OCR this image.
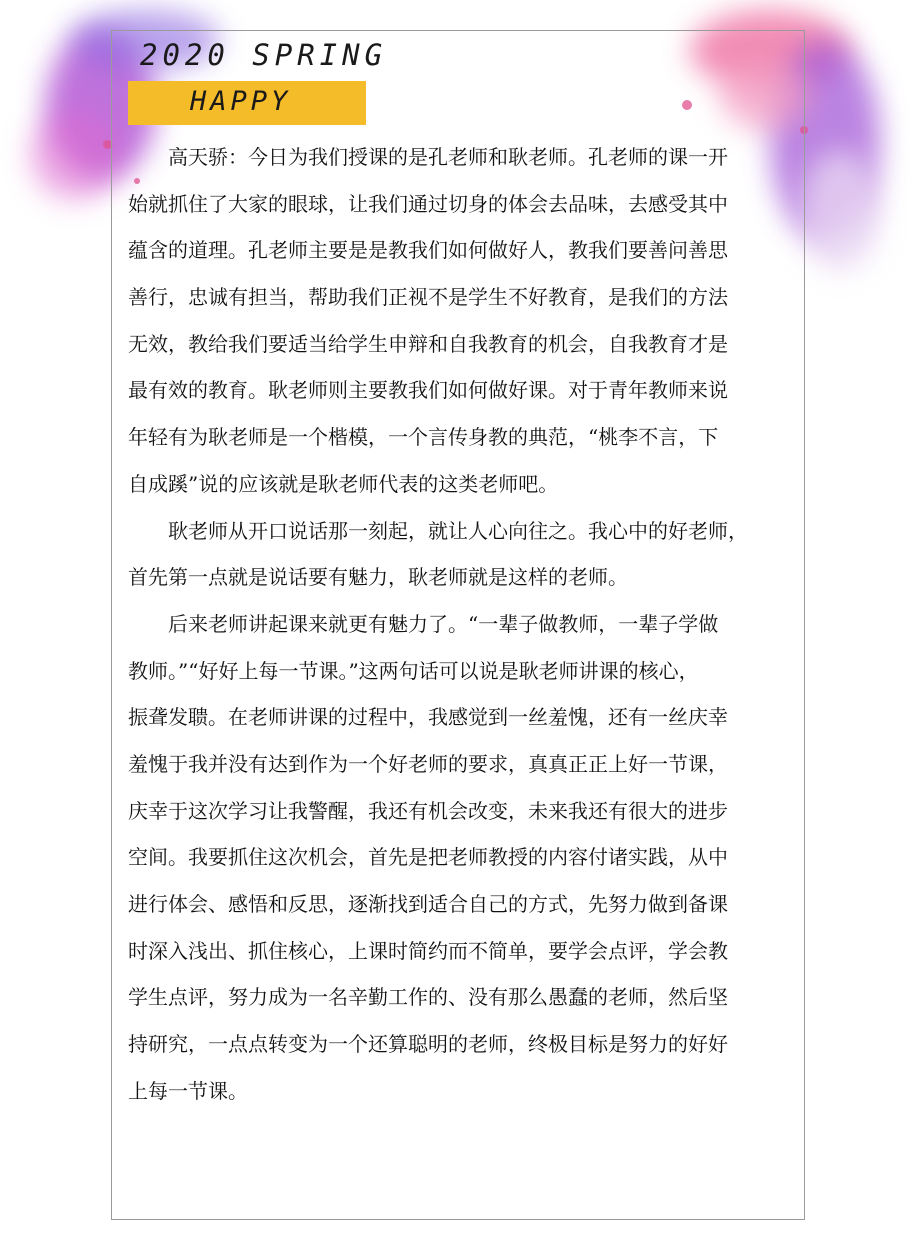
2020 SPRING
HAPPY
高天骄：今日为我们授课的是孔老师和耿老师。孔老师的课一开
始就抓住了大家的眼球，让我们通过切身的体会去品味，去感受其中
蕴含的道理。孔老师主要是是教我们如何做好人，教我们要善问善思
善行，忠诚有担当，帮助我们正视不是学生不好教育，是我们的方法
无效，教给我们要适当给学生申辩和自我教育的机会，自我教育才是
最有效的教育。耿老师则主要教我们如何做好课。对于青年教师来说
年轻有为耿老师是一个楷模，一个言传身教的典范，“桃李不言，下
自成蹊”说的应该就是耿老师代表的这类老师吧。
耿老师从开口说话那一刻起，就让人心向往之。我心中的好老师，
首先第一点就是说话要有魅力，耿老师就是这样的老师。
后来老师讲起课来就更有魅力了。“一辈子做教师，一辈子学做
教师。”“好好上每一节课。”这两句话可以说是耿老师讲课的核心，
振聋发聩。在老师讲课的过程中，我感觉到一丝羞愧，还有一丝庆幸
羞愧于我并没有达到作为一个好老师的要求，真真正正上好一节课，
庆幸于这次学习让我警醒，我还有机会改变，未来我还有很大的进步
空间。我要抓住这次机会，首先是把老师教授的内容付诸实践，从中
进行体会、感悟和反思，逐渐找到适合自己的方式，先努力做到备课
时深入浅出、抓住核心，上课时简约而不简单，要学会点评，学会教
学生点评，努力成为一名辛勤工作的、没有那么愚蠢的老师，然后坚
持研究，一点点转变为一个还算聪明的老师，终极目标是努力的好好
上每一节课。
